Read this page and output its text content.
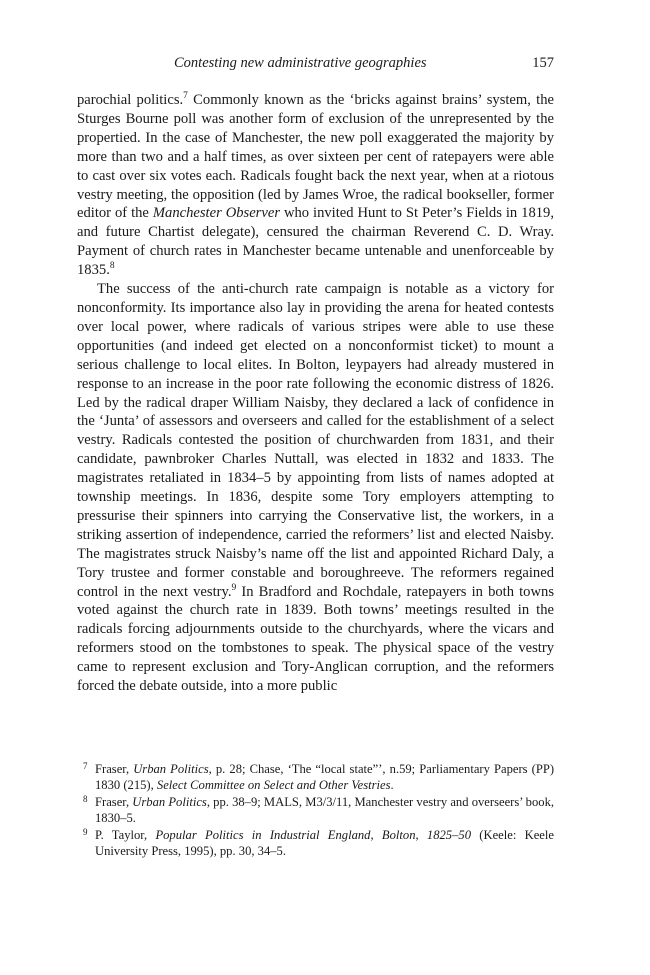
Contesting new administrative geographies	157

parochial politics.$^7$ Commonly known as the ‘bricks against brains’ system, the Sturges Bourne poll was another form of exclusion of the unrepresented by the propertied. In the case of Manchester, the new poll exaggerated the majority by more than two and a half times, as over sixteen per cent of ratepayers were able to cast over six votes each. Radicals fought back the next year, when at a riotous vestry meeting, the opposition (led by James Wroe, the radical bookseller, former editor of the Manchester Observer who invited Hunt to St Peter’s Fields in 1819, and future Chartist delegate), censured the chairman Reverend C. D. Wray. Payment of church rates in Manchester became untenable and unenforceable by 1835.$^8$

The success of the anti-church rate campaign is notable as a victory for nonconformity. Its importance also lay in providing the arena for heated contests over local power, where radicals of various stripes were able to use these opportunities (and indeed get elected on a nonconformist ticket) to mount a serious challenge to local elites. In Bolton, leypayers had already mustered in response to an increase in the poor rate following the economic distress of 1826. Led by the radical draper William Naisby, they declared a lack of confidence in the ‘Junta’ of assessors and overseers and called for the establishment of a select vestry. Radicals contested the position of churchwarden from 1831, and their candidate, pawnbroker Charles Nuttall, was elected in 1832 and 1833. The magistrates retaliated in 1834–5 by appointing from lists of names adopted at township meetings. In 1836, despite some Tory employers attempting to pressurise their spinners into carrying the Conservative list, the workers, in a striking assertion of independence, carried the reformers’ list and elected Naisby. The magistrates struck Naisby’s name off the list and appointed Richard Daly, a Tory trustee and former constable and boroughreeve. The reformers regained control in the next vestry.$^9$ In Bradford and Rochdale, ratepayers in both towns voted against the church rate in 1839. Both towns’ meetings resulted in the radicals forcing adjournments outside to the churchyards, where the vicars and reformers stood on the tombstones to speak. The physical space of the vestry came to represent exclusion and Tory-Anglican corruption, and the reformers forced the debate outside, into a more public

7 Fraser, Urban Politics, p. 28; Chase, ‘The “local state”’, n.59; Parliamentary Papers (PP) 1830 (215), Select Committee on Select and Other Vestries.
8 Fraser, Urban Politics, pp. 38–9; MALS, M3/3/11, Manchester vestry and overseers’ book, 1830–5.
9 P. Taylor, Popular Politics in Industrial England, Bolton, 1825–50 (Keele: Keele University Press, 1995), pp. 30, 34–5.
